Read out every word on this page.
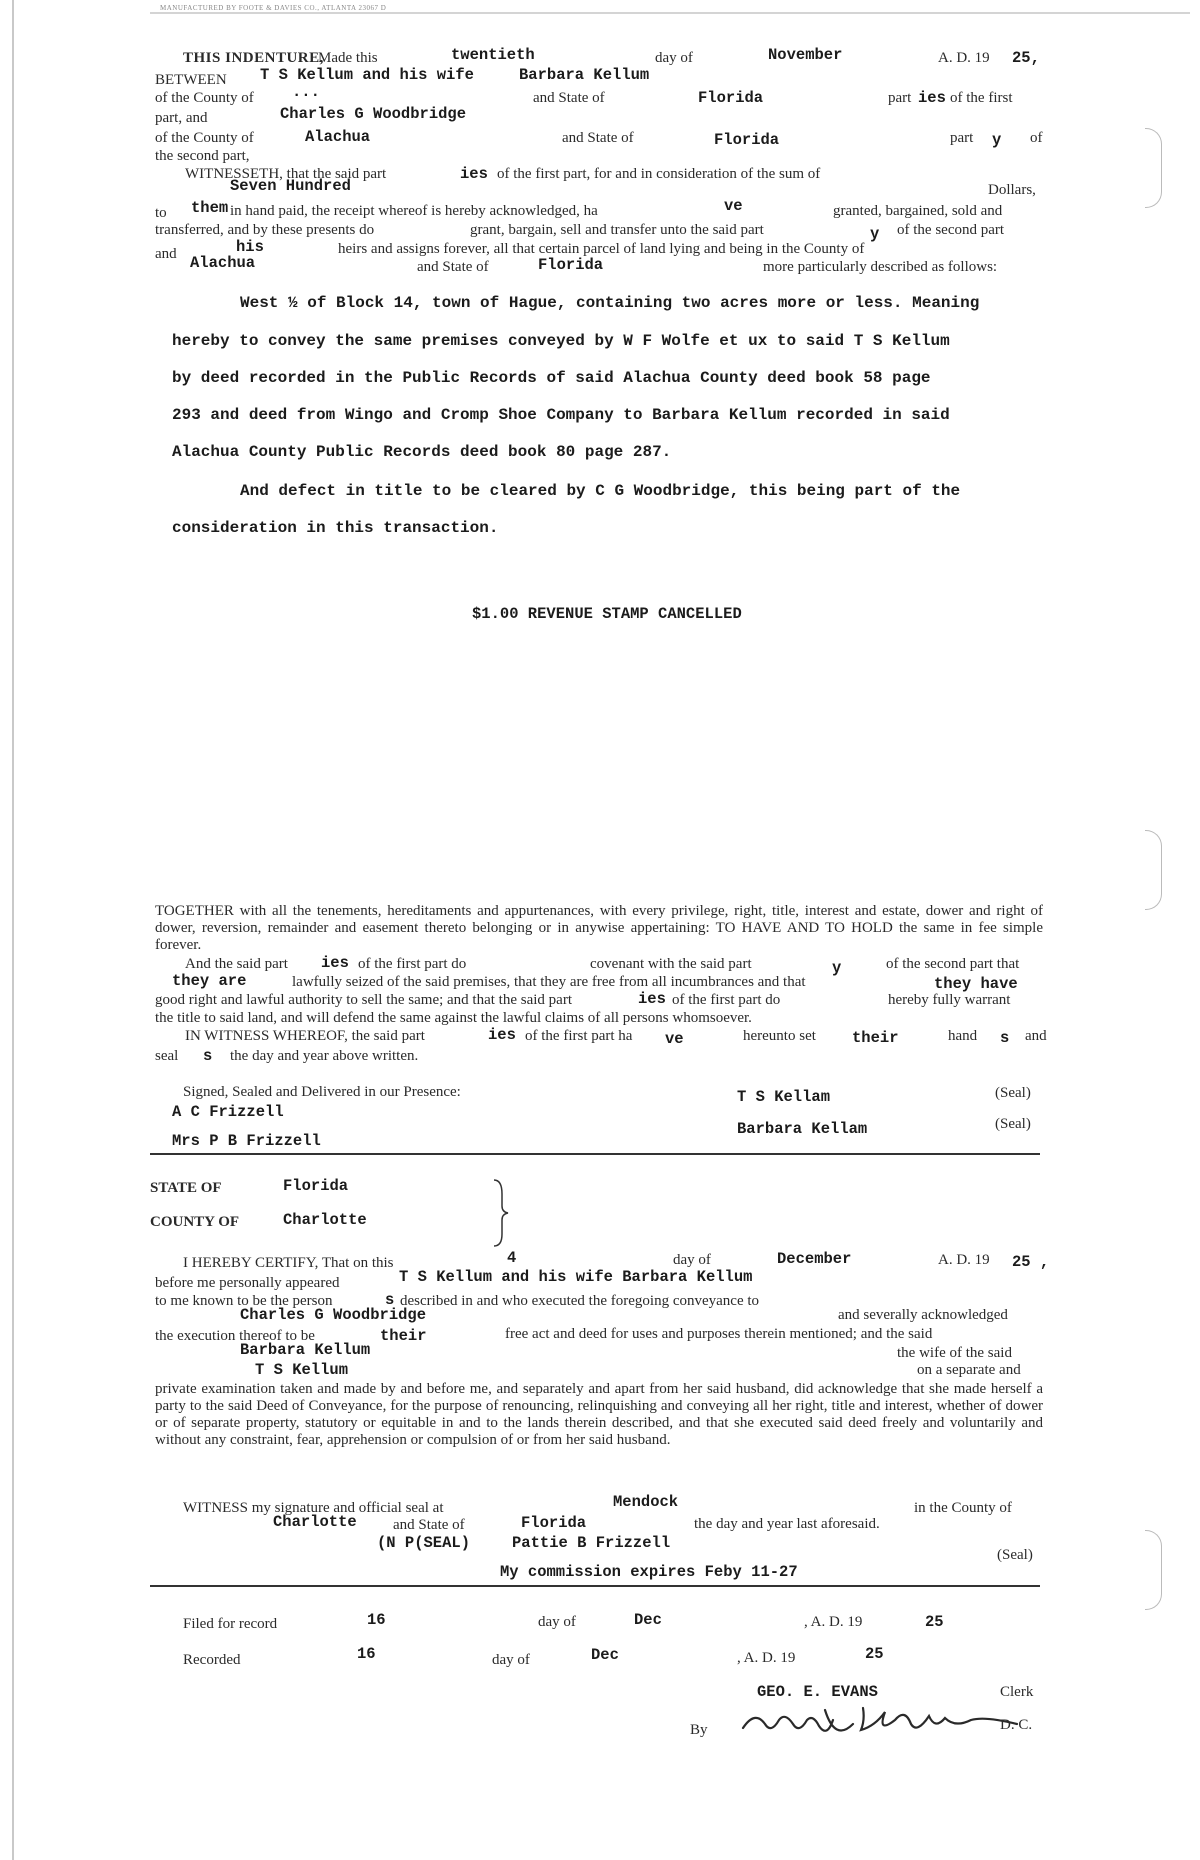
MANUFACTURED BY FOOTE & DAVIES CO., ATLANTA 23067 D
THIS INDENTURE,
Made this	twentieth	day of	November	A. D. 19 25,
BETWEEN T S Kellum and his wife	Barbara Kellum
of the County of ...	and State of	Florida	part ies of the first
part, and	Charles G Woodbridge
of the County of	Alachua	and State of	Florida	part y of
the second part,
WITNESSETH, that the said part	ies of the first part, for and in consideration of the sum of
Seven Hundred	Dollars,
to them in hand paid, the receipt whereof is hereby acknowledged, ha	ve	granted, bargained, sold and
transferred, and by these presents do	grant, bargain, sell and transfer unto the said part	y of the second part
and	his	heirs and assigns forever, all that certain parcel of land lying and being in the County of
Alachua	and State of	Florida	more particularly described as follows:
West ½ of Block 14, town of Hague, containing two acres more or less. Meaning
hereby to convey the same premises conveyed by W F Wolfe et ux to said T S Kellum
by deed recorded in the Public Records of said Alachua County deed book 58 page
293 and deed from Wingo and Cromp Shoe Company to Barbara Kellum recorded in said
Alachua County Public Records deed book 80 page 287.
And defect in title to be cleared by C G Woodbridge, this being part of the
consideration in this transaction.
$1.00 REVENUE STAMP CANCELLED
TOGETHER with all the tenements, hereditaments and appurtenances, with every privilege, right, title, interest and estate, dower and right of dower, reversion, remainder and easement thereto belonging or in anywise appertaining: TO HAVE AND TO HOLD the same in fee simple forever.
And the said part ies of the first part do	covenant with the said part	y	of the second part that
they are	lawfully seized of the said premises, that they are free from all incumbrances and that	they have
good right and lawful authority to sell the same; and that the said part	ies of the first part do	hereby fully warrant
the title to said land, and will defend the same against the lawful claims of all persons whomsoever.
IN WITNESS WHEREOF, the said part	ies of the first part ha ve	hereunto set their	hand s and
seal s the day and year above written.
Signed, Sealed and Delivered in our Presence:
A C Frizzell
Mrs P B Frizzell
T S Kellam
Barbara Kellam
(Seal)
(Seal)
STATE OF	Florida
COUNTY OF	Charlotte
I HEREBY CERTIFY, That on this	4	day of	December	A. D. 19 25 ,
before me personally appeared	T S Kellum and his wife Barbara Kellum
to me known to be the person	s described in and who executed the foregoing conveyance to
Charles G Woodbridge	and severally acknowledged
the execution thereof to be	their	free act and deed for uses and purposes therein mentioned; and the said
Barbara Kellum	the wife of the said
T S Kellum	on a separate and
private examination taken and made by and before me, and separately and apart from her said husband, did acknowledge that she made herself a party to the said Deed of Conveyance, for the purpose of renouncing, relinquishing and conveying all her right, title and interest, whether of dower or of separate property, statutory or equitable in and to the lands therein described, and that she executed said deed freely and voluntarily and without any constraint, fear, apprehension or compulsion of or from her said husband.
WITNESS my signature and official seal at	Mendock	in the County of
Charlotte and State of	Florida	the day and year last aforesaid.
(N P(SEAL)	Pattie B Frizzell
(Seal)
My commission expires Feby 11-27
Filed for record	16	day of	Dec	, A. D. 19	25
Recorded	16	day of	Dec	, A. D. 19	25
GEO. E. EVANS	Clerk
By	D. C.
